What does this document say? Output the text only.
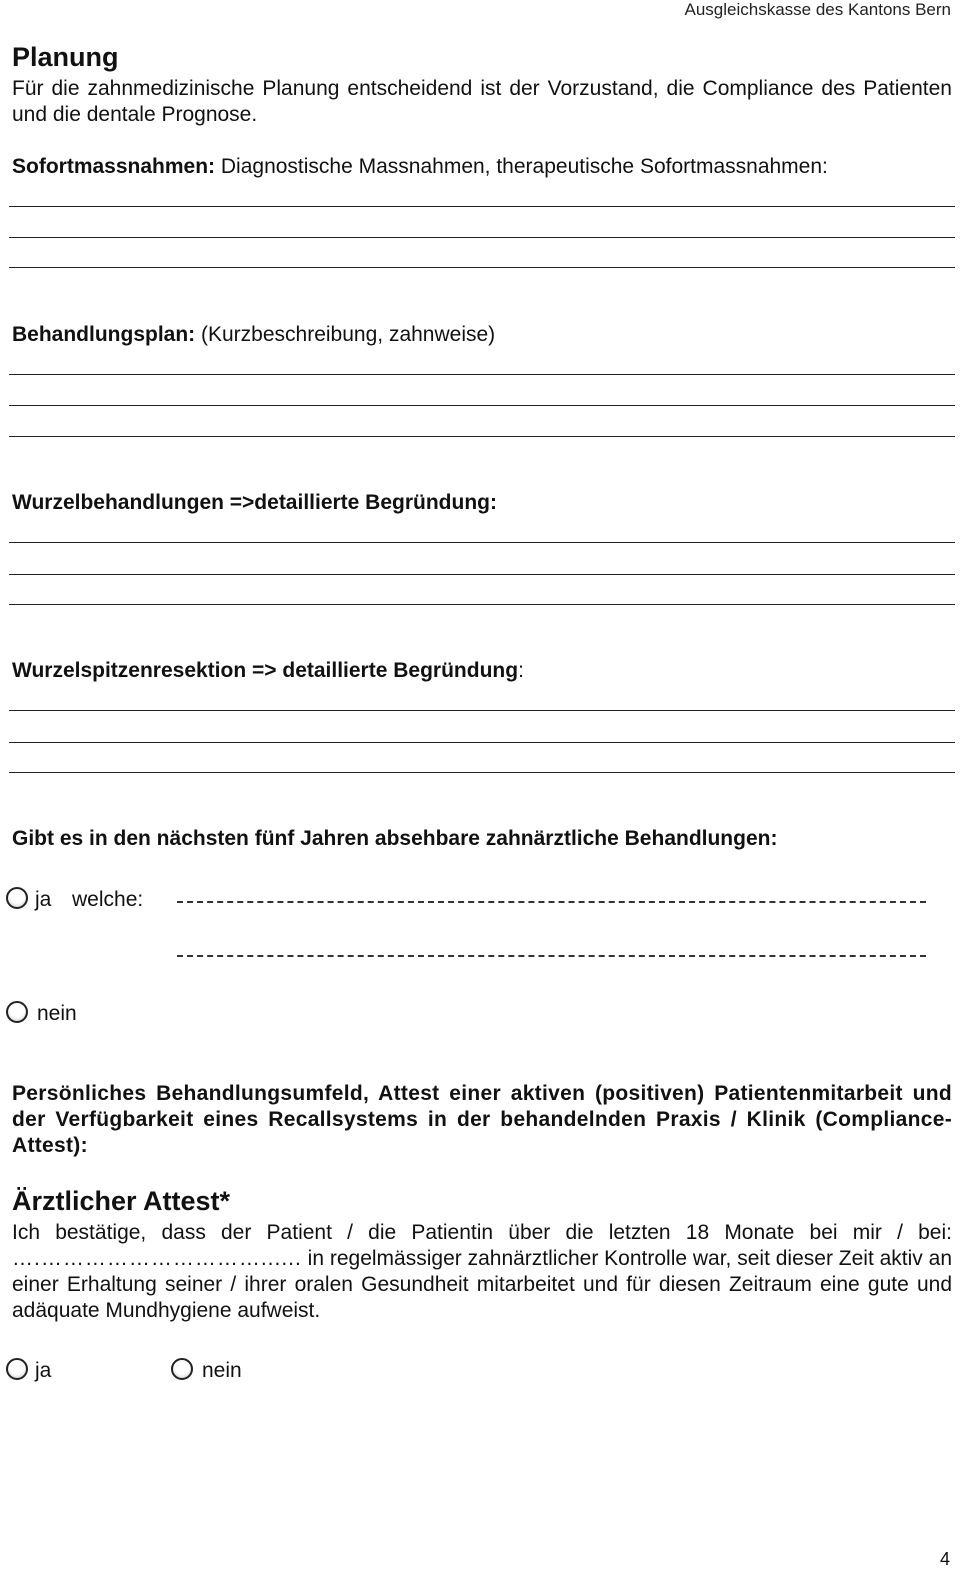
Ausgleichskasse des Kantons Bern
Planung
Für die zahnmedizinische Planung entscheidend ist der Vorzustand, die Compliance des Patienten und die dentale Prognose.
Sofortmassnahmen: Diagnostische Massnahmen, therapeutische Sofortmassnahmen:
Behandlungsplan: (Kurzbeschreibung, zahnweise)
Wurzelbehandlungen =>detaillierte Begründung:
Wurzelspitzenresektion => detaillierte Begründung:
Gibt es in den nächsten fünf Jahren absehbare zahnärztliche Behandlungen:
ja welche:
nein
Persönliches Behandlungsumfeld, Attest einer aktiven (positiven) Patientenmitarbeit und der Verfügbarkeit eines Recallsystems in der behandelnden Praxis / Klinik (Compliance-Attest):
Ärztlicher Attest*
Ich bestätige, dass der Patient / die Patientin über die letzten 18 Monate bei mir / bei: ….…………………………...... in regelmässiger zahnärztlicher Kontrolle war, seit dieser Zeit aktiv an einer Erhaltung seiner / ihrer oralen Gesundheit mitarbeitet und für diesen Zeitraum eine gute und adäquate Mundhygiene aufweist.
ja	nein
4
